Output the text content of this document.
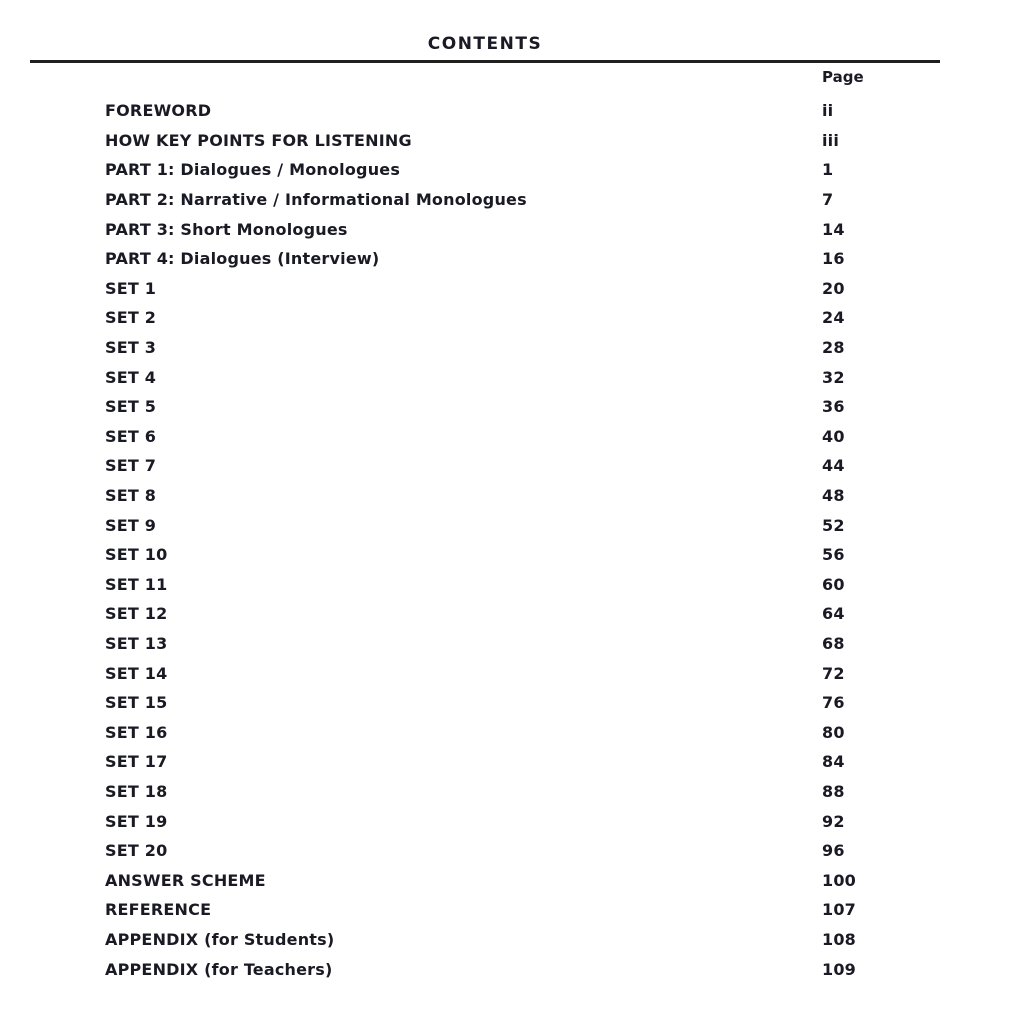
CONTENTS
Page
FOREWORD	ii
HOW KEY POINTS FOR LISTENING	iii
PART 1: Dialogues / Monologues	1
PART 2: Narrative / Informational Monologues	7
PART 3: Short Monologues	14
PART 4: Dialogues (Interview)	16
SET 1	20
SET 2	24
SET 3	28
SET 4	32
SET 5	36
SET 6	40
SET 7	44
SET 8	48
SET 9	52
SET 10	56
SET 11	60
SET 12	64
SET 13	68
SET 14	72
SET 15	76
SET 16	80
SET 17	84
SET 18	88
SET 19	92
SET 20	96
ANSWER SCHEME	100
REFERENCE	107
APPENDIX (for Students)	108
APPENDIX (for Teachers)	109
